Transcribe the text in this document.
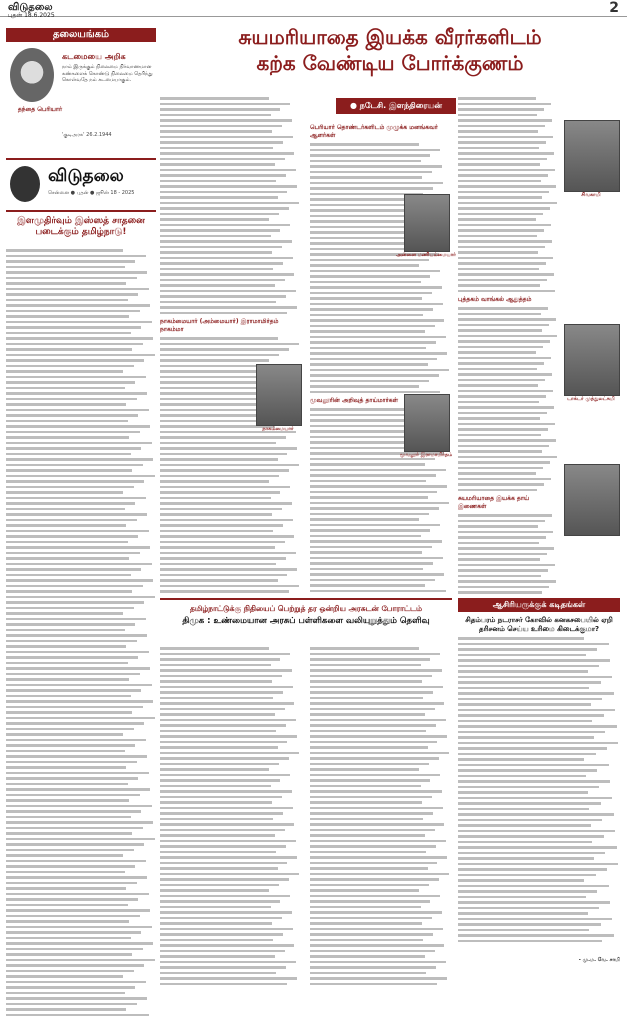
விடுதலை
புதன் 18.6.2025	2
தலையங்கம்
கடமையை அறிக
நாம் இருக்கும் நிலைமை நிர்வாணமான கண்களைக் கொண்டு நிலைமை தெரிந்து கொள்வதே நம் கடமையாகும்.
தந்தை பெரியார்
'குடிஅரசு' 26.2.1944
விடுதலை
சென்னை ● புதன் ● ஜூன் 18 - 2025
இளமுதிர்வும் இஸ்ஸத் சாதனை படைக்கும் தமிழ்நாடு!
சுயமரியாதை இயக்க வீரர்களிடம்
கற்க வேண்டிய போர்க்குணம்
● நடேசி. இளந்திரையன்
நாகம்மையார் (அம்மையார்) இராமாமிர்தம் நாகம்மா
பெரியார் தொண்டர்களிடம் முழுக்க மனங்கவர் ஆளர்கள்
மூவலூரின் அறிவுத் தாய்மார்கள்
புத்தகம் வாங்கல் ஆதுத்தம்
சுயமரியாதை இயக்க தாய் இணைகள்
அன்னை மணியம்மையார்
மூவலூர் இராமாமிர்தம்
நாகம்மையார்
சிவகாமி
டாக்டர் முத்துலட்சுமி
தமிழ்நாட்டுக்கு நிதியைப் பெற்றுத் தர ஒன்றிய அரசுடன் போராட்டம்
திமுக : உண்மையான அரசுப் பள்ளிகளை வலியுறுத்தும் தெளிவு
ஆசிரியருக்குக் கடிதங்கள்
சிதம்பரம் நடராசர் கோவில் கனகசபையில் ஏறி தரிசனம் செய்ய உரிமை கிடைக்குமா?
- மு.ம. வே. சாமி
